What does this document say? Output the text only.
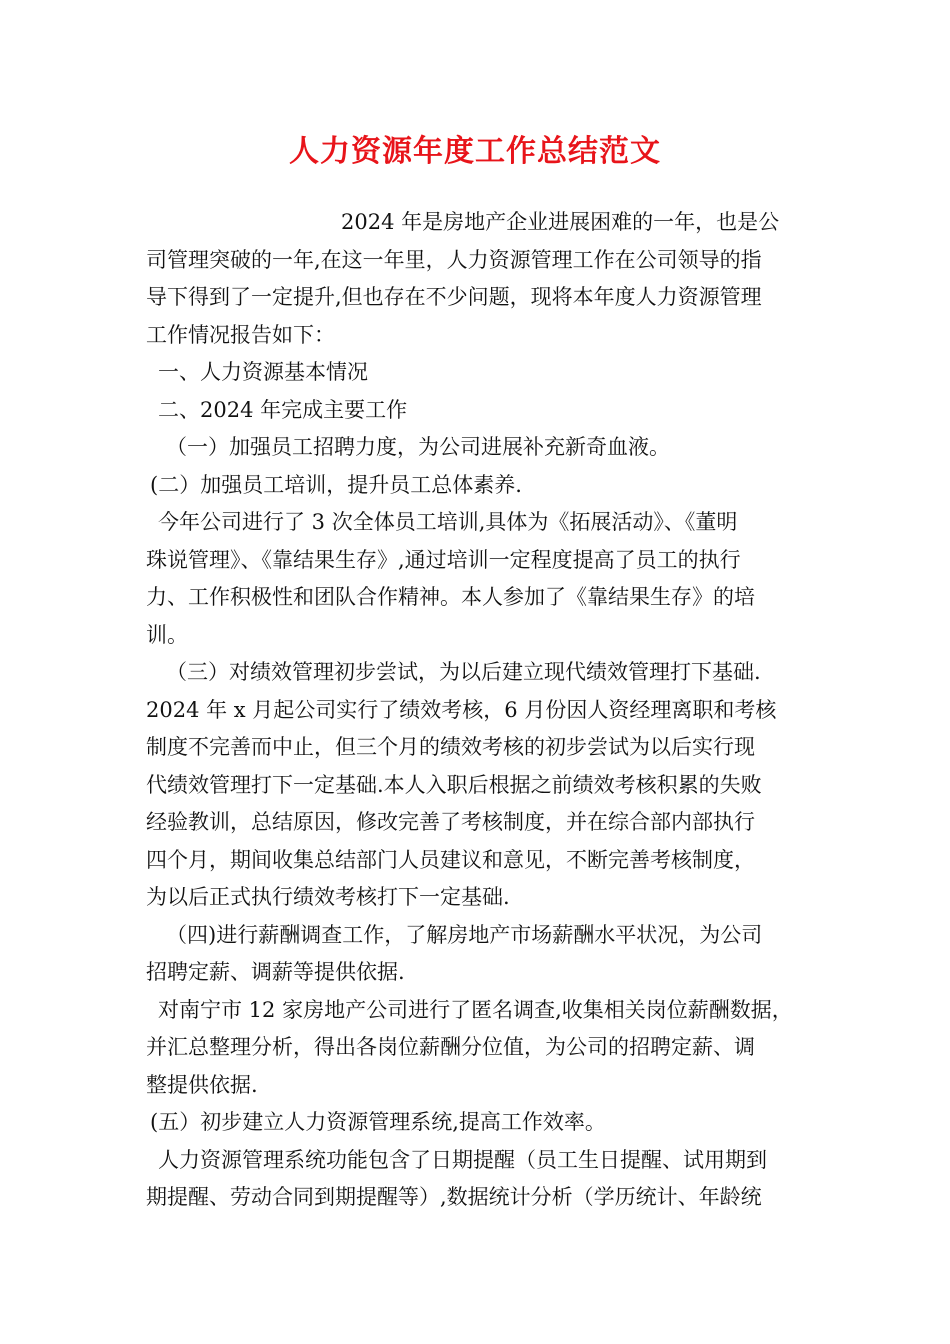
人力资源年度工作总结范文
2024 年是房地产企业进展困难的一年，也是公
司管理突破的一年,在这一年里，人力资源管理工作在公司领导的指
导下得到了一定提升,但也存在不少问题，现将本年度人力资源管理
工作情况报告如下：
一、人力资源基本情况
二、2024 年完成主要工作
（一）加强员工招聘力度，为公司进展补充新奇血液。
(二）加强员工培训，提升员工总体素养.
今年公司进行了 3 次全体员工培训,具体为《拓展活动》、《董明
珠说管理》、《靠结果生存》,通过培训一定程度提高了员工的执行
力、工作积极性和团队合作精神。本人参加了《靠结果生存》的培
训。
（三）对绩效管理初步尝试，为以后建立现代绩效管理打下基础.
2024 年 x 月起公司实行了绩效考核，6 月份因人资经理离职和考核
制度不完善而中止，但三个月的绩效考核的初步尝试为以后实行现
代绩效管理打下一定基础.本人入职后根据之前绩效考核积累的失败
经验教训，总结原因，修改完善了考核制度，并在综合部内部执行
四个月，期间收集总结部门人员建议和意见，不断完善考核制度，
为以后正式执行绩效考核打下一定基础.
（四)进行薪酬调查工作，了解房地产市场薪酬水平状况，为公司
招聘定薪、调薪等提供依据.
对南宁市 12 家房地产公司进行了匿名调查,收集相关岗位薪酬数据，
并汇总整理分析，得出各岗位薪酬分位值，为公司的招聘定薪、调
整提供依据.
(五）初步建立人力资源管理系统,提高工作效率。
人力资源管理系统功能包含了日期提醒（员工生日提醒、试用期到
期提醒、劳动合同到期提醒等）,数据统计分析（学历统计、年龄统
